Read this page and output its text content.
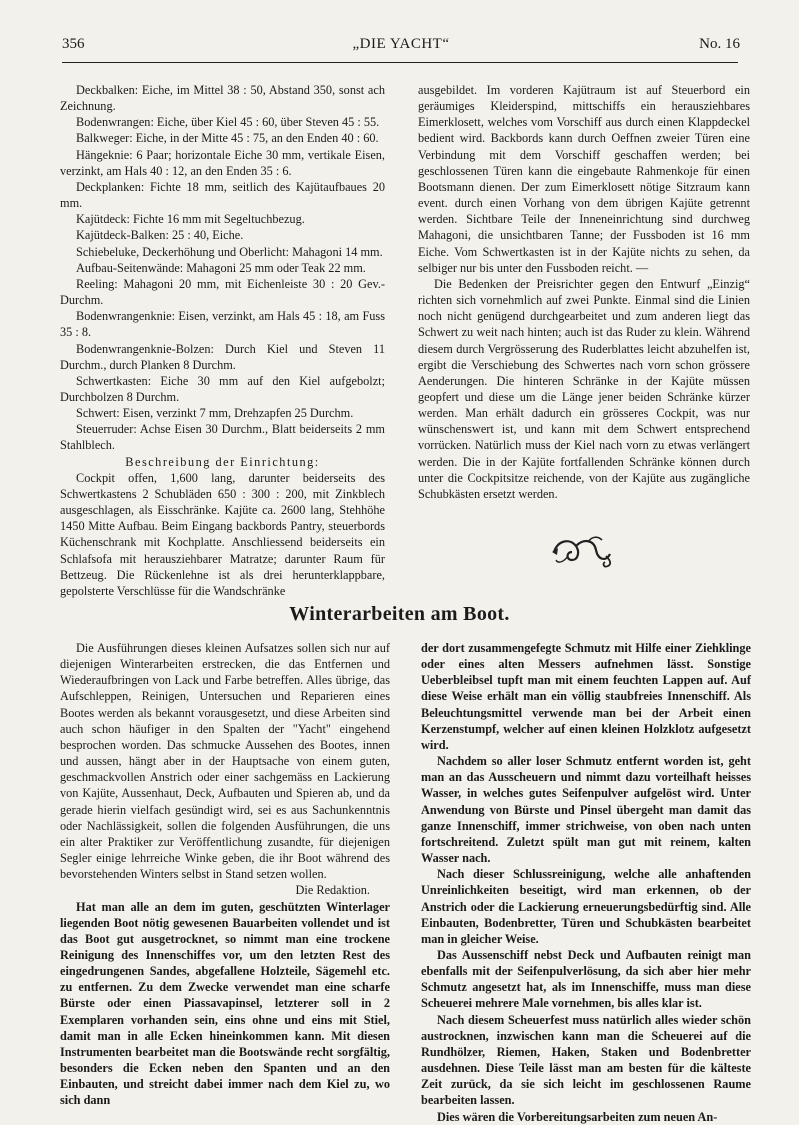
356	„DIE YACHT“	No. 16

Deckbalken: Eiche, im Mittel 38 : 50, Abstand 350, sonst ach Zeichnung.

Bodenwrangen: Eiche, über Kiel 45 : 60, über Steven 45 : 55.

Balkweger: Eiche, in der Mitte 45 : 75, an den Enden 40 : 60.

Hängeknie: 6 Paar; horizontale Eiche 30 mm, vertikale Eisen, verzinkt, am Hals 40 : 12, an den Enden 35 : 6.

Deckplanken: Fichte 18 mm, seitlich des Kajütaufbaues 20 mm.

Kajütdeck: Fichte 16 mm mit Segeltuchbezug.

Kajütdeck-Balken: 25 : 40, Eiche.

Schiebeluke, Deckerhöhung und Oberlicht: Mahagoni 14 mm.

Aufbau-Seitenwände: Mahagoni 25 mm oder Teak 22 mm.

Reeling: Mahagoni 20 mm, mit Eichenleiste 30 : 20 Gev.-Durchm.

Bodenwrangenknie: Eisen, verzinkt, am Hals 45 : 18, am Fuss 35 : 8.

Bodenwrangenknie-Bolzen: Durch Kiel und Steven 11 Durchm., durch Planken 8 Durchm.

Schwertkasten: Eiche 30 mm auf den Kiel aufgebolzt; Durchbolzen 8 Durchm.

Schwert: Eisen, verzinkt 7 mm, Drehzapfen 25 Durchm.

Steuerruder: Achse Eisen 30 Durchm., Blatt beiderseits 2 mm Stahlblech.

Beschreibung der Einrichtung:

Cockpit offen, 1,600 lang, darunter beiderseits des Schwertkastens 2 Schubläden 650 : 300 : 200, mit Zinkblech ausgeschlagen, als Eisschränke. Kajüte ca. 2600 lang, Stehhöhe 1450 Mitte Aufbau. Beim Eingang backbords Pantry, steuerbords Küchenschrank mit Kochplatte. Anschliessend beiderseits ein Schlafsofa mit herausziehbarer Matratze; darunter Raum für Bettzeug. Die Rückenlehne ist als drei herunterklappbare, gepolsterte Verschlüsse für die Wandschränke

ausgebildet. Im vorderen Kajütraum ist auf Steuerbord ein geräumiges Kleiderspind, mittschiffs ein herausziehbares Eimerklosett, welches vom Vorschiff aus durch einen Klappdeckel bedient wird. Backbords kann durch Oeffnen zweier Türen eine Verbindung mit dem Vorschiff geschaffen werden; bei geschlossenen Türen kann die eingebaute Rahmenkoje für einen Bootsmann dienen. Der zum Eimerklosett nötige Sitzraum kann event. durch einen Vorhang von dem übrigen Kajüte getrennt werden. Sichtbare Teile der Inneneinrichtung sind durchweg Mahagoni, die unsichtbaren Tanne; der Fussboden ist 16 mm Eiche. Vom Schwertkasten ist in der Kajüte nichts zu sehen, da selbiger nur bis unter den Fussboden reicht. —

Die Bedenken der Preisrichter gegen den Entwurf „Einzig“ richten sich vornehmlich auf zwei Punkte. Einmal sind die Linien noch nicht genügend durchgearbeitet und zum anderen liegt das Schwert zu weit nach hinten; auch ist das Ruder zu klein. Während diesem durch Vergrösserung des Ruderblattes leicht abzuhelfen ist, ergibt die Verschiebung des Schwertes nach vorn schon grössere Aenderungen. Die hinteren Schränke in der Kajüte müssen geopfert und diese um die Länge jener beiden Schränke kürzer werden. Man erhält dadurch ein grösseres Cockpit, was nur wünschenswert ist, und kann mit dem Schwert entsprechend vorrücken. Natürlich muss der Kiel nach vorn zu etwas verlängert werden. Die in der Kajüte fortfallenden Schränke können durch unter die Cockpitsitze reichende, von der Kajüte aus zugängliche Schubkästen ersetzt werden.

Winterarbeiten am Boot.

Die Ausführungen dieses kleinen Aufsatzes sollen sich nur auf diejenigen Winterarbeiten erstrecken, die das Entfernen und Wiederaufbringen von Lack und Farbe betreffen. Alles übrige, das Aufschleppen, Reinigen, Untersuchen und Reparieren eines Bootes werden als bekannt vorausgesetzt, und diese Arbeiten sind auch schon häufiger in den Spalten der "Yacht" eingehend besprochen worden. Das schmucke Aussehen des Bootes, innen und aussen, hängt aber in der Hauptsache von einem guten, geschmackvollen Anstrich oder einer sachgemäss en Lackierung von Kajüte, Aussenhaut, Deck, Aufbauten und Spieren ab, und da gerade hierin vielfach gesündigt wird, sei es aus Sachunkenntnis oder Nachlässigkeit, sollen die folgenden Ausführungen, die uns ein alter Praktiker zur Veröffentlichung zusandte, für diejenigen Segler einige lehrreiche Winke geben, die ihr Boot während des bevorstehenden Winters selbst in Stand setzen wollen.

Die Redaktion.

Hat man alle an dem im guten, geschützten Winterlager liegenden Boot nötig gewesenen Bauarbeiten vollendet und ist das Boot gut ausgetrocknet, so nimmt man eine trockene Reinigung des Innenschiffes vor, um den letzten Rest des eingedrungenen Sandes, abgefallene Holzteile, Sägemehl etc. zu entfernen. Zu dem Zwecke verwendet man eine scharfe Bürste oder einen Piassavapinsel, letzterer soll in 2 Exemplaren vorhanden sein, eins ohne und eins mit Stiel, damit man in alle Ecken hineinkommen kann. Mit diesen Instrumenten bearbeitet man die Bootswände recht sorgfältig, besonders die Ecken neben den Spanten und an den Einbauten, und streicht dabei immer nach dem Kiel zu, wo sich dann

der dort zusammengefegte Schmutz mit Hilfe einer Ziehklinge oder eines alten Messers aufnehmen lässt. Sonstige Ueberbleibsel tupft man mit einem feuchten Lappen auf. Auf diese Weise erhält man ein völlig staubfreies Innenschiff. Als Beleuchtungsmittel verwende man bei der Arbeit einen Kerzenstumpf, welcher auf einen kleinen Holzklotz aufgesetzt wird.

Nachdem so aller loser Schmutz entfernt worden ist, geht man an das Ausscheuern und nimmt dazu vorteilhaft heisses Wasser, in welches gutes Seifenpulver aufgelöst wird. Unter Anwendung von Bürste und Pinsel übergeht man damit das ganze Innenschiff, immer strichweise, von oben nach unten fortschreitend. Zuletzt spült man gut mit reinem, kalten Wasser nach.

Nach dieser Schlussreinigung, welche alle anhaftenden Unreinlichkeiten beseitigt, wird man erkennen, ob der Anstrich oder die Lackierung erneuerungsbedürftig sind. Alle Einbauten, Bodenbretter, Türen und Schubkästen bearbeitet man in gleicher Weise.

Das Aussenschiff nebst Deck und Aufbauten reinigt man ebenfalls mit der Seifenpulverlösung, da sich aber hier mehr Schmutz angesetzt hat, als im Innenschiffe, muss man diese Scheuerei mehrere Male vornehmen, bis alles klar ist.

Nach diesem Scheuerfest muss natürlich alles wieder schön austrocknen, inzwischen kann man die Scheuerei auf die Rundhölzer, Riemen, Haken, Staken und Bodenbretter ausdehnen. Diese Teile lässt man am besten für die kälteste Zeit zurück, da sie sich leicht im geschlossenen Raume bearbeiten lassen.

Dies wären die Vorbereitungsarbeiten zum neuen An-
